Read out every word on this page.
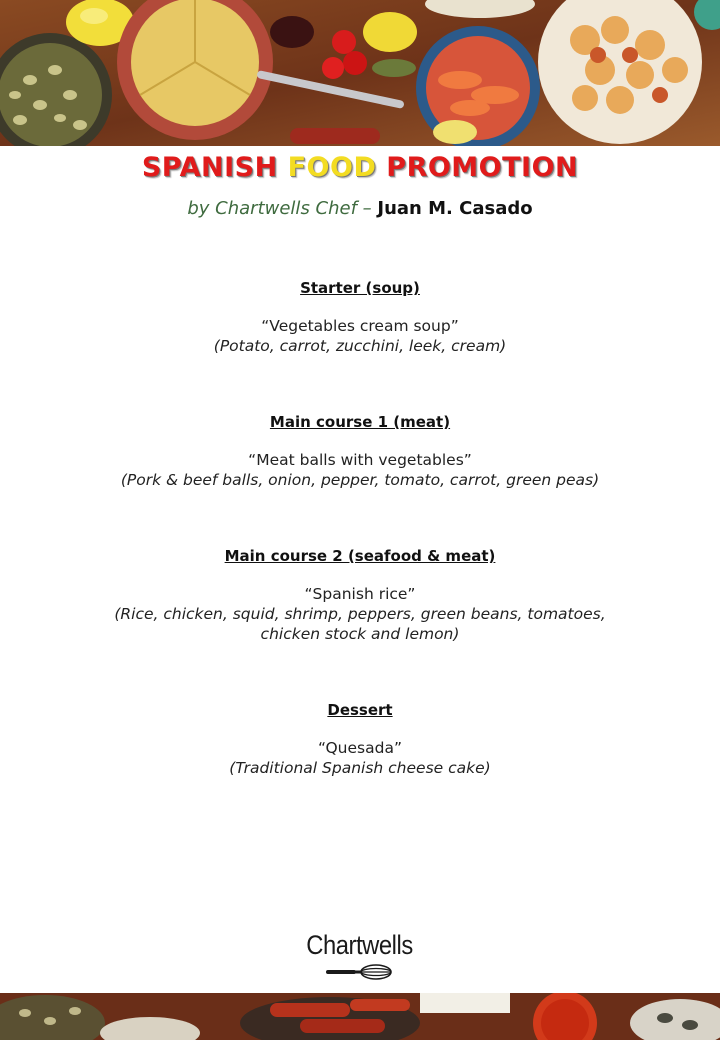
SPANISH FOOD PROMOTION
by Chartwells Chef – Juan M. Casado
Starter (soup)
“Vegetables cream soup”
(Potato, carrot, zucchini, leek, cream)
Main course 1 (meat)
“Meat balls with vegetables”
(Pork & beef balls, onion, pepper, tomato, carrot, green peas)
Main course 2 (seafood & meat)
“Spanish rice”
(Rice, chicken, squid, shrimp, peppers, green beans, tomatoes, chicken stock and lemon)
Dessert
“Quesada”
(Traditional Spanish cheese cake)
Chartwells
